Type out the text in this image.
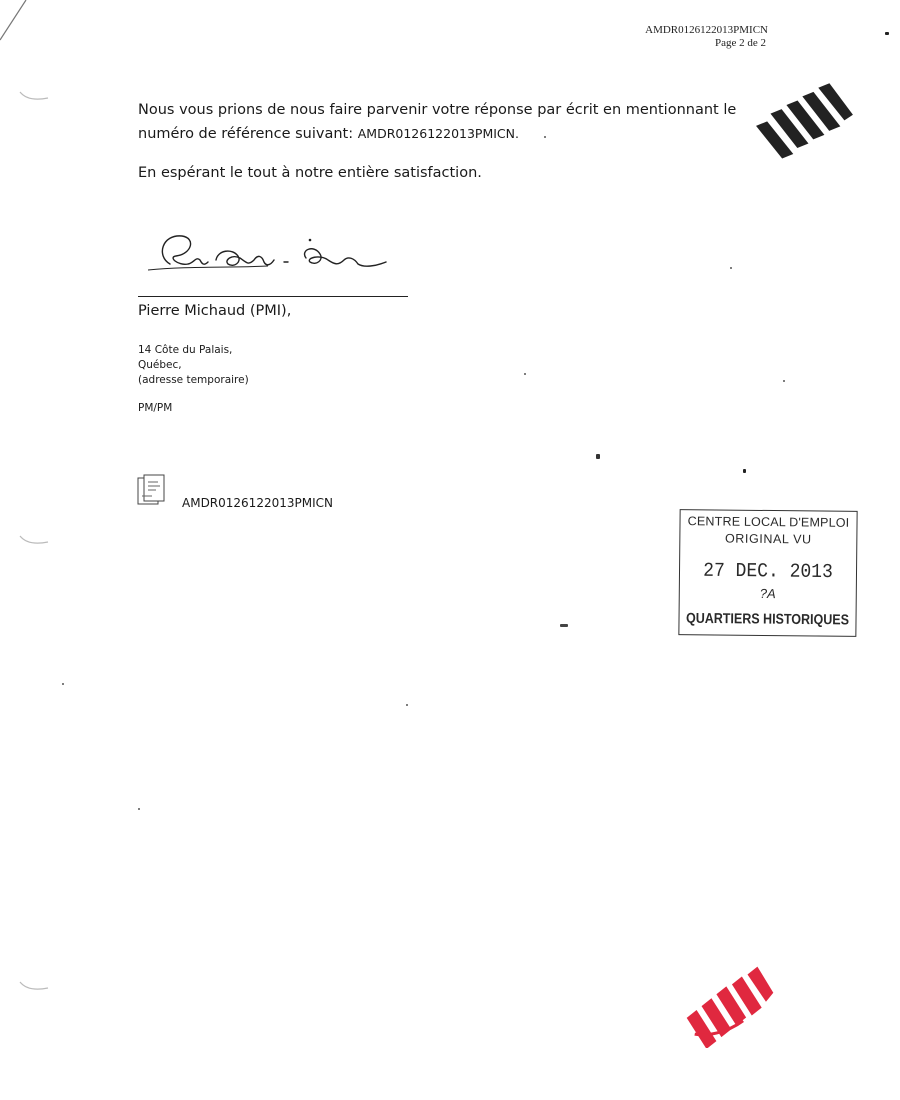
AMDR0126122013PMICN
Page 2 de 2
Nous vous prions de nous faire parvenir votre réponse par écrit en mentionnant le numéro de référence suivant: AMDR0126122013PMICN.
En espérant le tout à notre entière satisfaction.
Pierre Michaud (PMI),
14 Côte du Palais,
Québec,
(adresse temporaire)
PM/PM
AMDR0126122013PMICN
CENTRE LOCAL D'EMPLOI
ORIGINAL VU
27 DEC. 2013
?A
QUARTIERS HISTORIQUES
